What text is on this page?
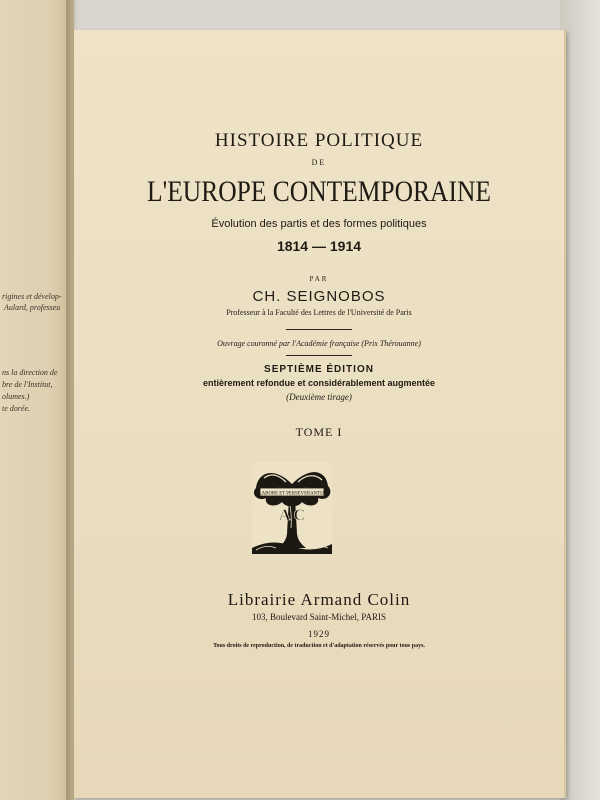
rigines et dévelop-
Aulard, professeu
ns la direction de
bre de l'Institut,
olumes.)
te dorée.
HISTOIRE POLITIQUE
DE
L'EUROPE CONTEMPORAINE
Évolution des partis et des formes politiques
1814 — 1914
PAR
CH. SEIGNOBOS
Professeur à la Faculté des Lettres de l'Université de Paris
Ouvrage couronné par l'Académie française (Prix Thérouanne)
SEPTIÈME ÉDITION
entièrement refondue et considérablement augmentée
(Deuxième tirage)
TOME I
LABORE ET PERSEVERANTIA
A C
Librairie Armand Colin
103, Boulevard Saint-Michel, PARIS
1929
Tous droits de reproduction, de traduction et d'adaptation réservés pour tous pays.
